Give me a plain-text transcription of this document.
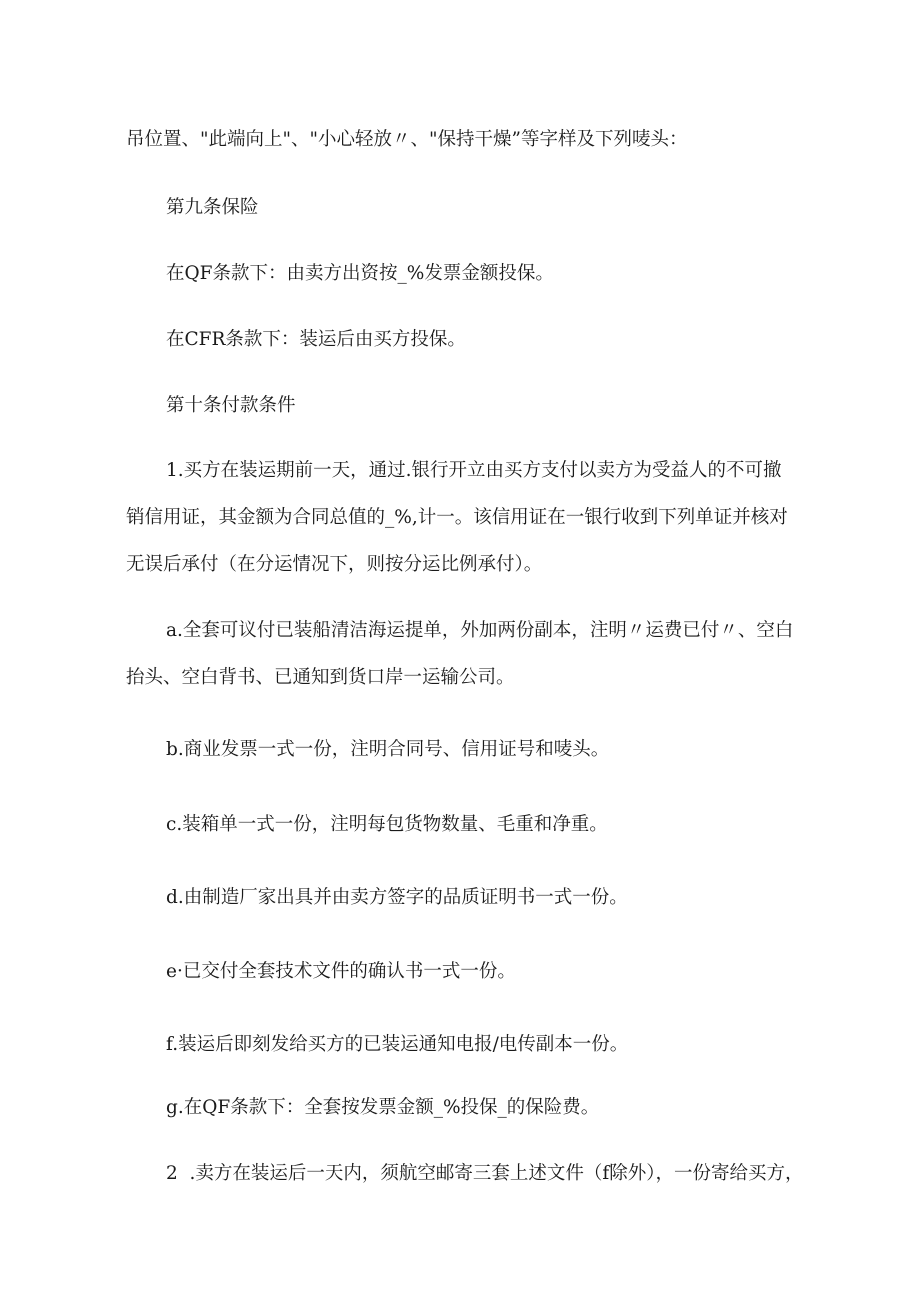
吊位置、"此端向上"、"小心轻放〃、"保持干燥”等字样及下列唛头：
第九条保险
在QF条款下：由卖方出资按_%发票金额投保。
在CFR条款下：装运后由买方投保。
第十条付款条件
1.买方在装运期前一天，通过.银行开立由买方支付以卖方为受益人的不可撤
销信用证，其金额为合同总值的_%,计一。该信用证在一银行收到下列单证并核对
无误后承付（在分运情况下，则按分运比例承付）。
a.全套可议付已装船清洁海运提单，外加两份副本，注明〃运费已付〃、空白
抬头、空白背书、已通知到货口岸一运输公司。
b.商业发票一式一份，注明合同号、信用证号和唛头。
c.装箱单一式一份，注明每包货物数量、毛重和净重。
d.由制造厂家出具并由卖方签字的品质证明书一式一份。
e·已交付全套技术文件的确认书一式一份。
f.装运后即刻发给买方的已装运通知电报/电传副本一份。
g.在QF条款下：全套按发票金额_%投保_的保险费。
2	.卖方在装运后一天内，须航空邮寄三套上述文件（f除外），一份寄给买方，
